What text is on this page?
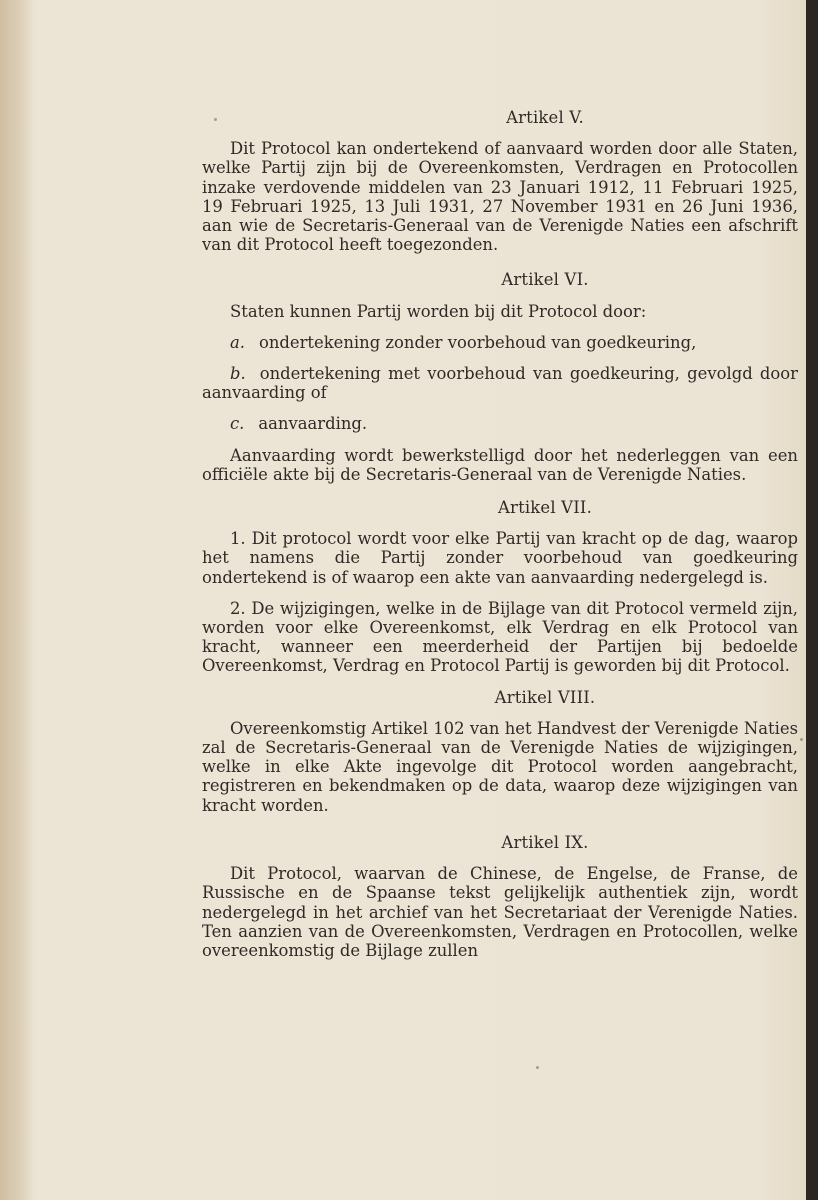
Artikel V.

Dit Protocol kan ondertekend of aanvaard worden door alle Staten, welke Partij zijn bij de Overeenkomsten, Verdragen en Protocollen inzake verdovende middelen van 23 Januari 1912, 11 Februari 1925, 19 Februari 1925, 13 Juli 1931, 27 November 1931 en 26 Juni 1936, aan wie de Secretaris-Generaal van de Verenigde Naties een afschrift van dit Protocol heeft toegezonden.

Artikel VI.

Staten kunnen Partij worden bij dit Protocol door:

a. ondertekening zonder voorbehoud van goedkeuring,

b. ondertekening met voorbehoud van goedkeuring, gevolgd door aanvaarding of

c. aanvaarding.

Aanvaarding wordt bewerkstelligd door het nederleggen van een officiële akte bij de Secretaris-Generaal van de Verenigde Naties.

Artikel VII.

1. Dit protocol wordt voor elke Partij van kracht op de dag, waarop het namens die Partij zonder voorbehoud van goedkeuring ondertekend is of waarop een akte van aanvaarding nedergelegd is.

2. De wijzigingen, welke in de Bijlage van dit Protocol vermeld zijn, worden voor elke Overeenkomst, elk Verdrag en elk Protocol van kracht, wanneer een meerderheid der Partijen bij bedoelde Overeenkomst, Verdrag en Protocol Partij is geworden bij dit Protocol.

Artikel VIII.

Overeenkomstig Artikel 102 van het Handvest der Verenigde Naties zal de Secretaris-Generaal van de Verenigde Naties de wijzigingen, welke in elke Akte ingevolge dit Protocol worden aangebracht, registreren en bekendmaken op de data, waarop deze wijzigingen van kracht worden.

Artikel IX.

Dit Protocol, waarvan de Chinese, de Engelse, de Franse, de Russische en de Spaanse tekst gelijkelijk authentiek zijn, wordt nedergelegd in het archief van het Secretariaat der Verenigde Naties. Ten aanzien van de Overeenkomsten, Verdragen en Protocollen, welke overeenkomstig de Bijlage zullen
